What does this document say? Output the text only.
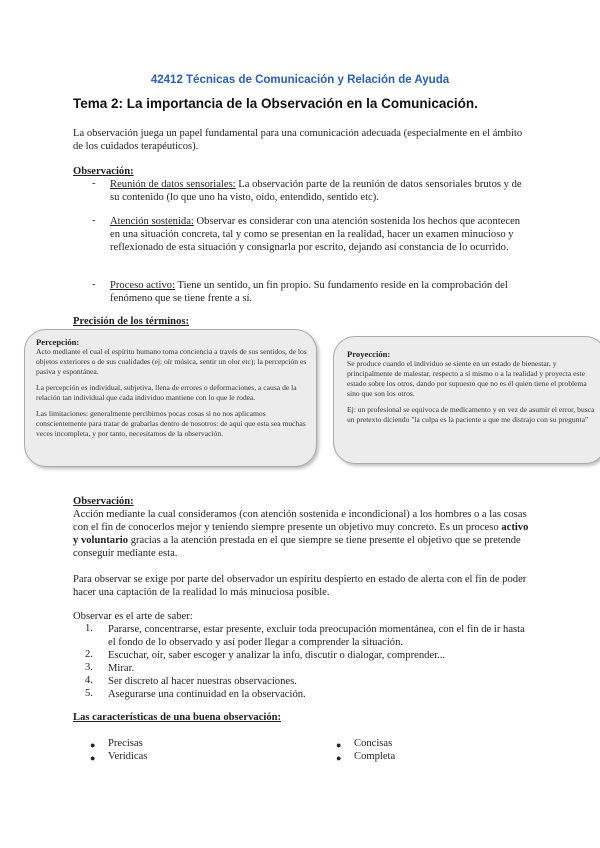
42412 Técnicas de Comunicación y Relación de Ayuda
Tema 2: La importancia de la Observación en la Comunicación.
La observación juega un papel fundamental para una comunicación adecuada (especialmente en el ámbito de los cuidados terapéuticos).
Observación:
- Reunión de datos sensoriales: La observación parte de la reunión de datos sensoriales brutos y de su contenido (lo que uno ha visto, oído, entendido, sentido etc).
- Atención sostenida: Observar es considerar con una atención sostenida los hechos que acontecen en una situación concreta, tal y como se presentan en la realidad, hacer un examen minucioso y reflexionado de esta situación y consignarla por escrito, dejando así constancia de lo ocurrido.
- Proceso activo: Tiene un sentido, un fin propio. Su fundamento reside en la comprobación del fenómeno que se tiene frente a sí.
Precisión de los términos:
Percepción:
Acto mediante el cual el espíritu humano toma conciencia a través de sus sentidos, de los objetos exteriores o de sus cualidades (ej: oír música, sentir un olor etc); la percepción es pasiva y espontánea.
La percepción es individual, subjetiva, llena de errores o deformaciones, a causa de la relación tan individual que cada individuo mantiene con lo que le rodea.
Las limitaciones: generalmente percibimos pocas cosas si no nos aplicamos conscientemente para tratar de grabarlas dentro de nosotros: de aquí que esta sea muchas veces incompleta, y por tanto, necesitamos de la observación.
Proyección:
Se produce cuando el individuo se siente en un estado de bienestar, y principalmente de malestar, respecto a sí mismo o a la realidad y proyecta este estado sobre los otros, dando por supuesto que no es él quien tiene el problema sino que son los otros.
Ej: un profesional se equivoca de medicamento y en vez de asumir el error, busca un pretexto diciendo "la culpa es la paciente a que me distrajo con su pregunta"
Observación:
Acción mediante la cual consideramos (con atención sostenida e incondicional) a los hombres o a las cosas con el fin de conocerlos mejor y teniendo siempre presente un objetivo muy concreto. Es un proceso activo y voluntario gracias a la atención prestada en el que siempre se tiene presente el objetivo que se pretende conseguir mediante esta.
Para observar se exige por parte del observador un espíritu despierto en estado de alerta con el fin de poder hacer una captación de la realidad lo más minuciosa posible.
Observar es el arte de saber:
1. Pararse, concentrarse, estar presente, excluir toda preocupación momentánea, con el fin de ir hasta el fondo de lo observado y así poder llegar a comprender la situación.
2. Escuchar, oír, saber escoger y analizar la info, discutir o dialogar, comprender...
3. Mirar.
4. Ser discreto al hacer nuestras observaciones.
5. Asegurarse una continuidad en la observación.
Las características de una buena observación:
● Precisas
● Verídicas
● Concisas
● Completa
